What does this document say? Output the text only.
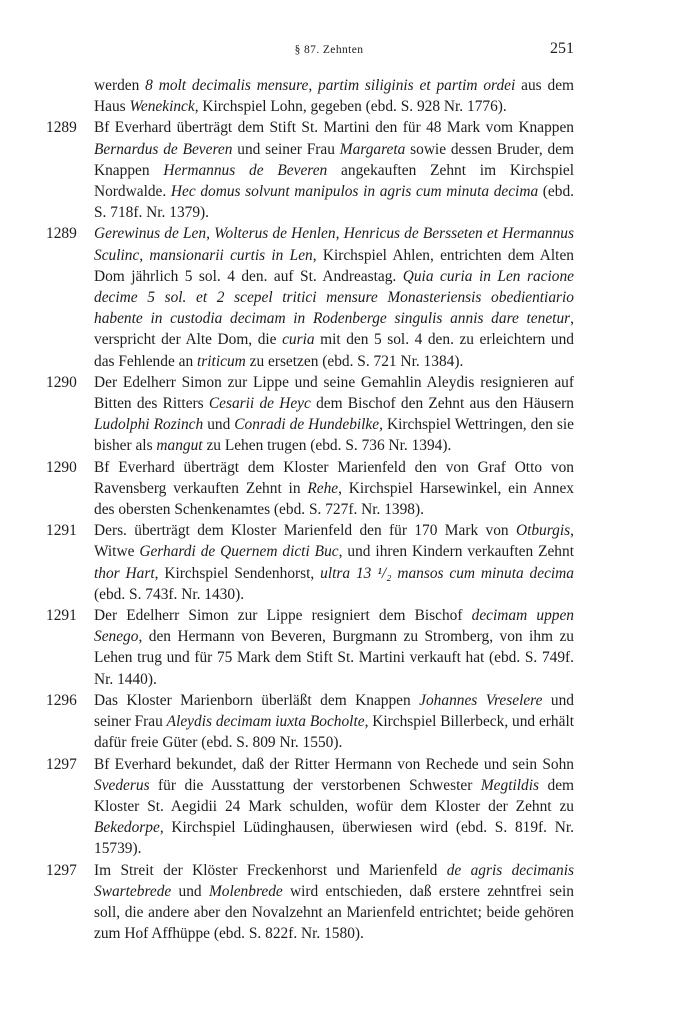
§ 87. Zehnten	251
werden 8 molt decimalis mensure, partim siliginis et partim ordei aus dem Haus Wenekinck, Kirchspiel Lohn, gegeben (ebd. S. 928 Nr. 1776).
1289 Bf Everhard überträgt dem Stift St. Martini den für 48 Mark vom Knappen Bernardus de Beveren und seiner Frau Margareta sowie dessen Bruder, dem Knappen Hermannus de Beveren angekauften Zehnt im Kirchspiel Nordwalde. Hec domus solvunt manipulos in agris cum minuta decima (ebd. S. 718f. Nr. 1379).
1289 Gerewinus de Len, Wolterus de Henlen, Henricus de Bersseten et Hermannus Sculinc, mansionarii curtis in Len, Kirchspiel Ahlen, entrichten dem Alten Dom jährlich 5 sol. 4 den. auf St. Andreastag. Quia curia in Len racione decime 5 sol. et 2 scepel tritici mensure Monasteriensis obedientiario habente in custodia decimam in Rodenberge singulis annis dare tenetur, verspricht der Alte Dom, die curia mit den 5 sol. 4 den. zu erleichtern und das Fehlende an triticum zu ersetzen (ebd. S. 721 Nr. 1384).
1290 Der Edelherr Simon zur Lippe und seine Gemahlin Aleydis resignieren auf Bitten des Ritters Cesarii de Heyc dem Bischof den Zehnt aus den Häusern Ludolphi Rozinch und Conradi de Hundebilke, Kirchspiel Wettringen, den sie bisher als mangut zu Lehen trugen (ebd. S. 736 Nr. 1394).
1290 Bf Everhard überträgt dem Kloster Marienfeld den von Graf Otto von Ravensberg verkauften Zehnt in Rehe, Kirchspiel Harsewinkel, ein Annex des obersten Schenkenamtes (ebd. S. 727f. Nr. 1398).
1291 Ders. überträgt dem Kloster Marienfeld den für 170 Mark von Otburgis, Witwe Gerhardi de Quernem dicti Buc, und ihren Kindern verkauften Zehnt thor Hart, Kirchspiel Sendenhorst, ultra 13 ¹/₂ mansos cum minuta decima (ebd. S. 743f. Nr. 1430).
1291 Der Edelherr Simon zur Lippe resigniert dem Bischof decimam uppen Senego, den Hermann von Beveren, Burgmann zu Stromberg, von ihm zu Lehen trug und für 75 Mark dem Stift St. Martini verkauft hat (ebd. S. 749f. Nr. 1440).
1296 Das Kloster Marienborn überläßt dem Knappen Johannes Vreselere und seiner Frau Aleydis decimam iuxta Bocholte, Kirchspiel Billerbeck, und erhält dafür freie Güter (ebd. S. 809 Nr. 1550).
1297 Bf Everhard bekundet, daß der Ritter Hermann von Rechede und sein Sohn Svederus für die Ausstattung der verstorbenen Schwester Megtildis dem Kloster St. Aegidii 24 Mark schulden, wofür dem Kloster der Zehnt zu Bekedorpe, Kirchspiel Lüdinghausen, überwiesen wird (ebd. S. 819f. Nr. 15739).
1297 Im Streit der Klöster Freckenhorst und Marienfeld de agris decimanis Swartebrede und Molenbrede wird entschieden, daß erstere zehntfrei sein soll, die andere aber den Novalzehnt an Marienfeld entrichtet; beide gehören zum Hof Affhüppe (ebd. S. 822f. Nr. 1580).
